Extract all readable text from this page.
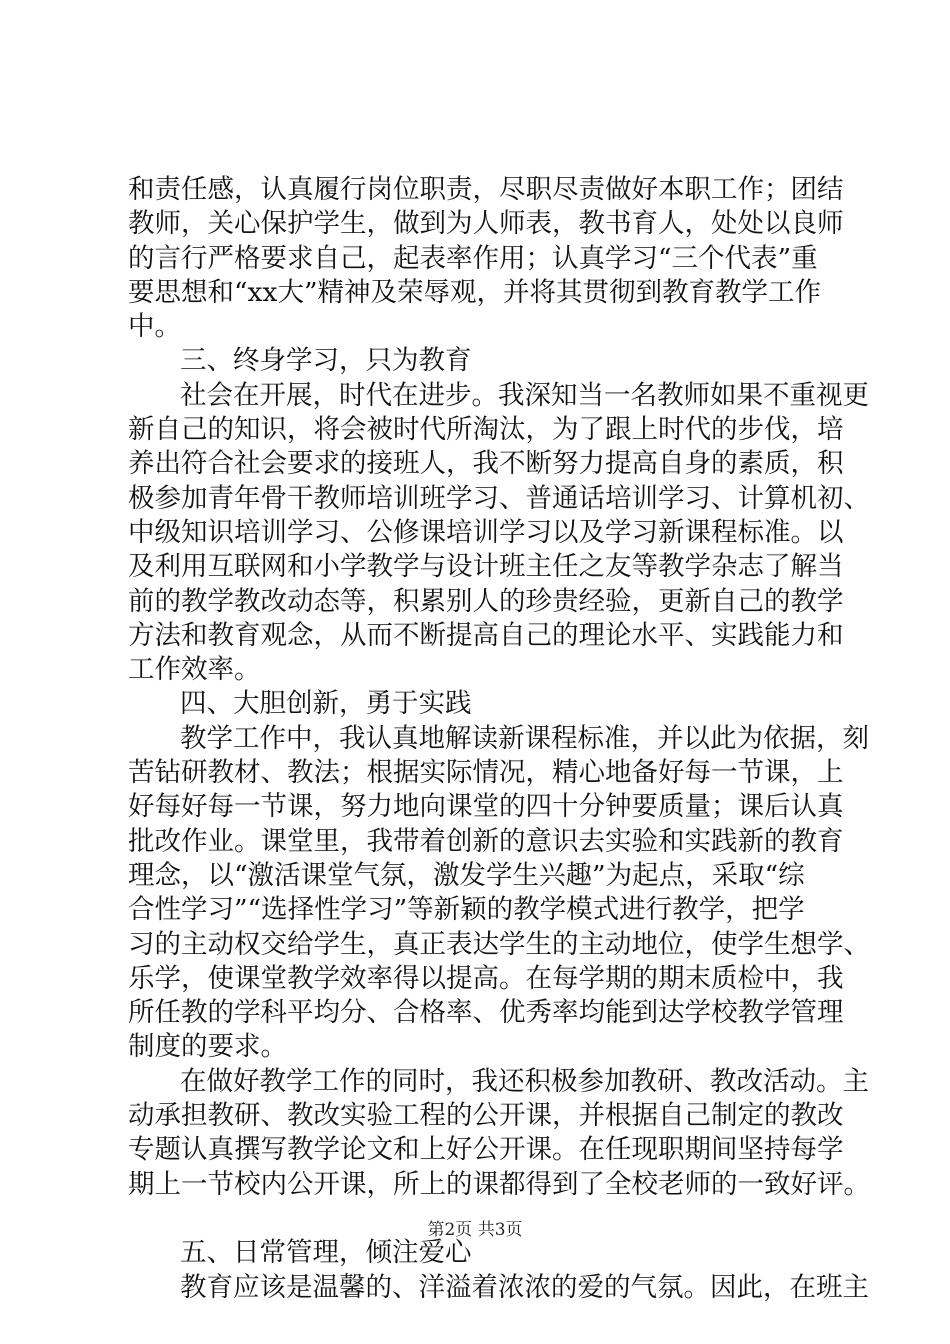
和责任感，认真履行岗位职责，尽职尽责做好本职工作；团结
教师，关心保护学生，做到为人师表，教书育人，处处以良师
的言行严格要求自己，起表率作用；认真学习“三个代表”重
要思想和“xx大”精神及荣辱观，并将其贯彻到教育教学工作
中。
三、终身学习，只为教育
社会在开展，时代在进步。我深知当一名教师如果不重视更
新自己的知识，将会被时代所淘汰，为了跟上时代的步伐，培
养出符合社会要求的接班人，我不断努力提高自身的素质，积
极参加青年骨干教师培训班学习、普通话培训学习、计算机初、
中级知识培训学习、公修课培训学习以及学习新课程标准。以
及利用互联网和小学教学与设计班主任之友等教学杂志了解当
前的教学教改动态等，积累别人的珍贵经验，更新自己的教学
方法和教育观念，从而不断提高自己的理论水平、实践能力和
工作效率。
四、大胆创新，勇于实践
教学工作中，我认真地解读新课程标准，并以此为依据，刻
苦钻研教材、教法；根据实际情况，精心地备好每一节课，上
好每好每一节课，努力地向课堂的四十分钟要质量；课后认真
批改作业。课堂里，我带着创新的意识去实验和实践新的教育
理念，以“激活课堂气氛，激发学生兴趣”为起点，采取“综
合性学习”“选择性学习”等新颖的教学模式进行教学，把学
习的主动权交给学生，真正表达学生的主动地位，使学生想学、
乐学，使课堂教学效率得以提高。在每学期的期末质检中，我
所任教的学科平均分、合格率、优秀率均能到达学校教学管理
制度的要求。
在做好教学工作的同时，我还积极参加教研、教改活动。主
动承担教研、教改实验工程的公开课，并根据自己制定的教改
专题认真撰写教学论文和上好公开课。在任现职期间坚持每学
期上一节校内公开课，所上的课都得到了全校老师的一致好评。
五、日常管理，倾注爱心
教育应该是温馨的、洋溢着浓浓的爱的气氛。因此，在班主
第2页 共3页
